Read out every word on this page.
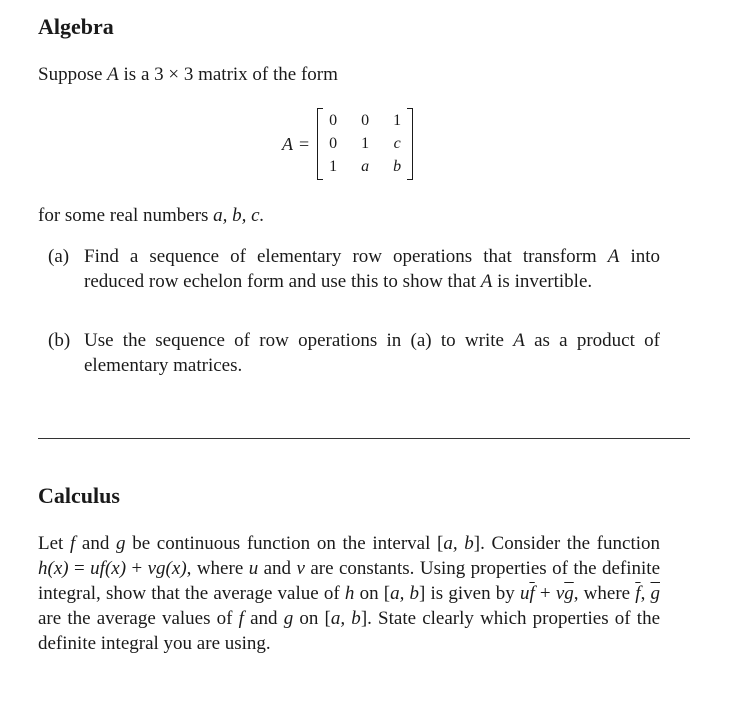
Algebra

Suppose A is a 3 × 3 matrix of the form

A =
0 0 1
0 1 c
1 a b

for some real numbers a, b, c.

(a) Find a sequence of elementary row operations that transform A into reduced row echelon form and use this to show that A is invertible.
(b) Use the sequence of row operations in (a) to write A as a product of elementary matrices.
Calculus

Let f and g be continuous function on the interval [a, b]. Consider the function h(x) = uf(x) + vg(x), where u and v are constants. Using properties of the definite integral, show that the average value of h on [a, b] is given by $u\overline{f} + v\overline{g}$, where $\overline{f}$, $\overline{g}$ are the average values of f and g on [a, b]. State clearly which properties of the definite integral you are using.
